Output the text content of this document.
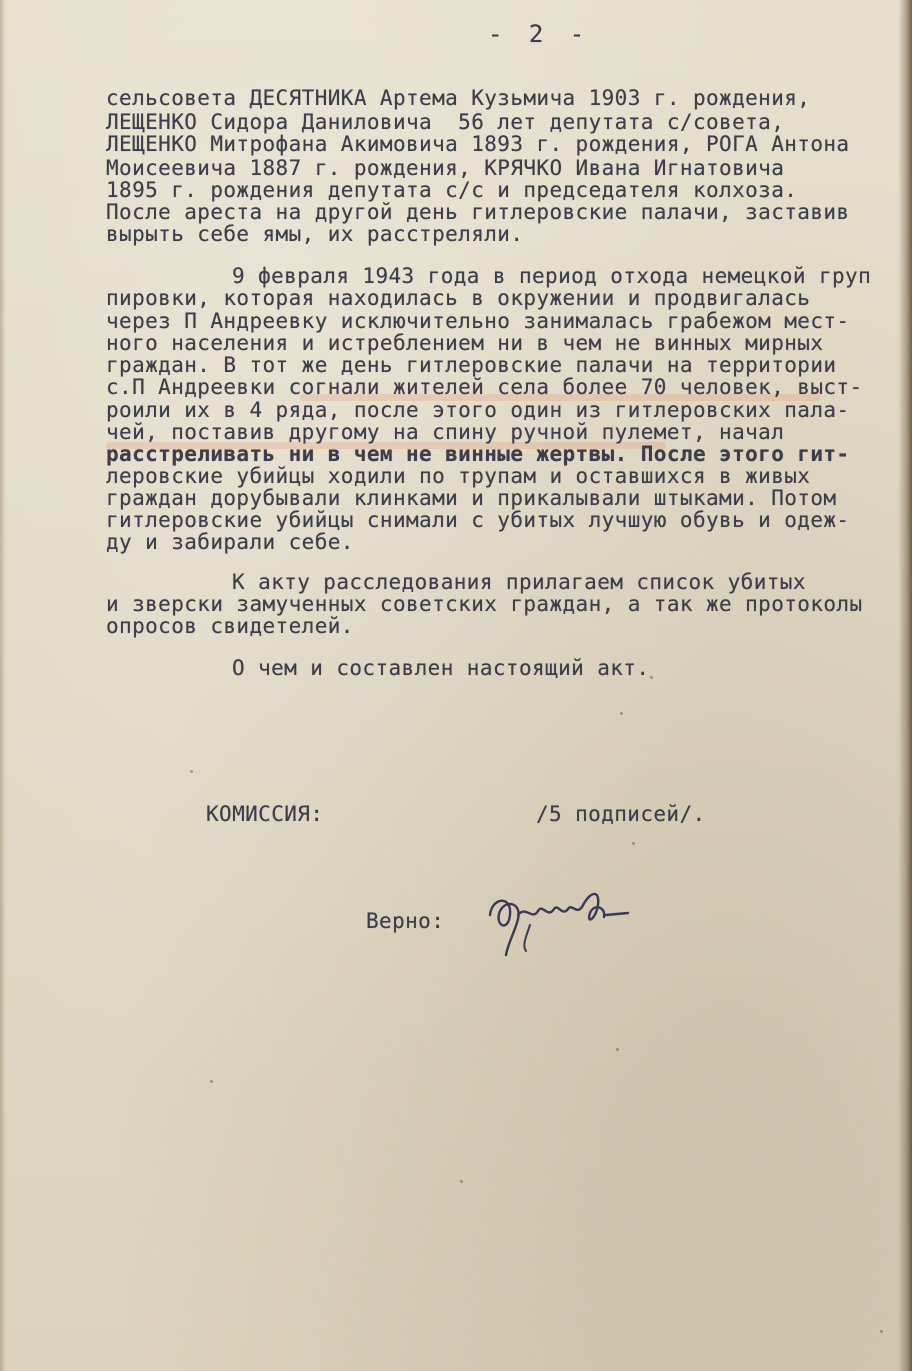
- 2 -
сельсовета ДЕСЯТНИКА Артема Кузьмича 1903 г. рождения,
ЛЕЩЕНКО Сидора Даниловича  56 лет депутата с/совета,
ЛЕЩЕНКО Митрофана Акимовича 1893 г. рождения, РОГА Антона
Моисеевича 1887 г. рождения, КРЯЧКО Ивана Игнатовича
1895 г. рождения депутата с/с и председателя колхоза.
После ареста на другой день гитлеровские палачи, заставив
вырыть себе ямы, их расстреляли.
9 февраля 1943 года в период отхода немецкой груп
пировки, которая находилась в окружении и продвигалась
через П Андреевку исключительно занималась грабежом мест-
ного населения и истреблением ни в чем не винных мирных
граждан. В тот же день гитлеровские палачи на территории
с.П Андреевки согнали жителей села более 70 человек, выст-
роили их в 4 ряда, после этого один из гитлеровских пала-
чей, поставив другому на спину ручной пулемет, начал
расстреливать ни в чем не винные жертвы. После этого гит-
леровские убийцы ходили по трупам и оставшихся в живых
граждан дорубывали клинками и прикалывали штыками. Потом
гитлеровские убийцы снимали с убитых лучшую обувь и одеж-
ду и забирали себе.
К акту расследования прилагаем список убитых
и зверски замученных советских граждан, а так же протоколы
опросов свидетелей.
О чем и составлен настоящий акт.
КОМИССИЯ:	/5 подписей/.
Верно:
